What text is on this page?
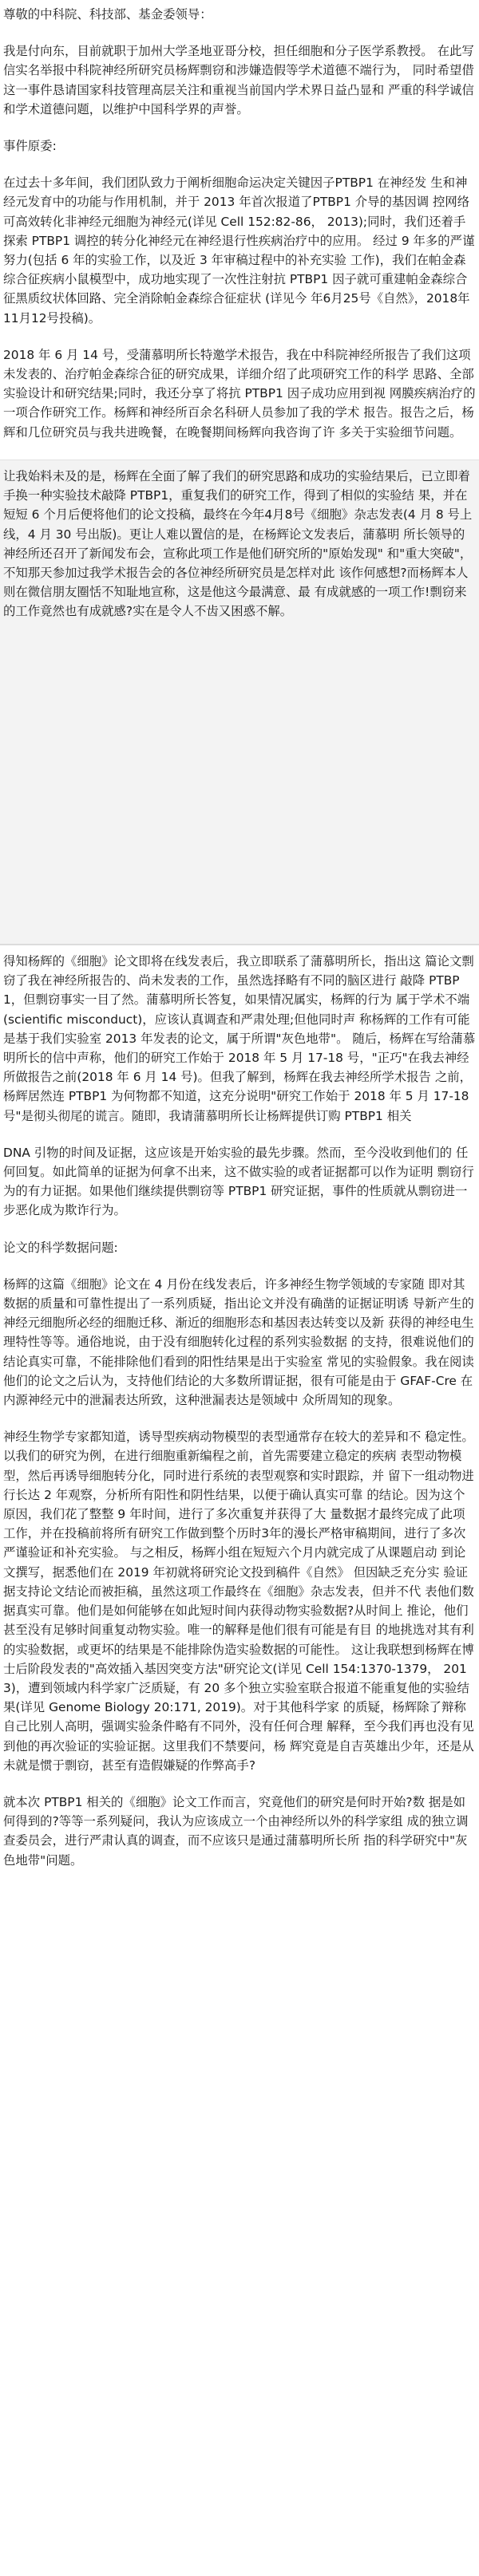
尊敬的中科院、科技部、基金委领导：

我是付向东，目前就职于加州大学圣地亚哥分校，担任细胞和分子医学系教授。 在此写信实名举报中科院神经所研究员杨辉剽窃和涉嫌造假等学术道德不端行为， 同时希望借这一事件恳请国家科技管理高层关注和重视当前国内学术界日益凸显和 严重的科学诚信和学术道德问题，以维护中国科学界的声誉。

事件原委:

在过去十多年间，我们团队致力于阐析细胞命运决定关键因子PTBP1 在神经发 生和神经元发育中的功能与作用机制，并于 2013 年首次报道了PTBP1 介导的基因调 控网络可高效转化非神经元细胞为神经元(详见 Cell 152:82-86， 2013);同时，我们还着手探索 PTBP1 调控的转分化神经元在神经退行性疾病治疗中的应用。 经过 9 年多的严谨努力(包括 6 年的实验工作，以及近 3 年审稿过程中的补充实验 工作)，我们在帕金森综合征疾病小鼠模型中，成功地实现了一次性注射抗 PTBP1 因子就可重建帕金森综合征黑质纹状体回路、完全消除帕金森综合征症状 (详见今 年6月25号《自然》，2018年11月12号投稿)。

2018 年 6 月 14 号，受蒲慕明所长特邀学术报告，我在中科院神经所报告了我们这项未发表的、治疗帕金森综合征的研究成果，详细介绍了此项研究工作的科学 思路、全部实验设计和研究结果;同时，我还分享了将抗 PTBP1 因子成功应用到视 网膜疾病治疗的一项合作研究工作。杨辉和神经所百余名科研人员参加了我的学术 报告。报告之后，杨辉和几位研究员与我共进晚餐，在晚餐期间杨辉向我咨询了许 多关于实验细节问题。

让我始料未及的是，杨辉在全面了解了我们的研究思路和成功的实验结果后，已立即着手换一种实验技术敲降 PTBP1，重复我们的研究工作，得到了相似的实验结 果，并在短短 6 个月后便将他们的论文投稿，最终在今年4月8号《细胞》杂志发表(4 月 8 号上线，4 月 30 号出版)。更让人难以置信的是，在杨辉论文发表后，蒲慕明 所长领导的神经所还召开了新闻发布会，宣称此项工作是他们研究所的"原始发现" 和"重大突破"，不知那天参加过我学术报告会的各位神经所研究员是怎样对此 该作何感想?而杨辉本人则在微信朋友圈恬不知耻地宣称，这是他这今最满意、最 有成就感的一项工作!剽窃来的工作竟然也有成就感?实在是令人不齿又困惑不解。

得知杨辉的《细胞》论文即将在线发表后，我立即联系了蒲慕明所长，指出这 篇论文剽窃了我在神经所报告的、尚未发表的工作，虽然选择略有不同的脑区进行 敲降 PTBP1，但剽窃事实一目了然。蒲慕明所长答复，如果情况属实，杨辉的行为 属于学术不端(scientific misconduct)，应该认真调查和严肃处理;但他同时声 称杨辉的工作有可能是基于我们实验室 2013 年发表的论文，属于所谓"灰色地带"。 随后，杨辉在写给蒲慕明所长的信中声称，他们的研究工作始于 2018 年 5 月 17-18 号，"正巧"在我去神经 所做报告之前(2018 年 6 月 14 号)。但我了解到，杨辉在我去神经所学术报告 之前，杨辉居然连 PTBP1 为何物都不知道，这充分说明"研究工作始于 2018 年 5 月 17-18 号"是彻头彻尾的谎言。随即，我请蒲慕明所长让杨辉提供订购 PTBP1 相关

DNA 引物的时间及证据，这应该是开始实验的最先步骤。然而，至今没收到他们的 任何回复。如此简单的证据为何拿不出来，这不做实验的或者证据都可以作为证明 剽窃行为的有力证据。如果他们继续提供剽窃等 PTBP1 研究证据，事件的性质就从剽窃进一步恶化成为欺诈行为。

论文的科学数据问题:

杨辉的这篇《细胞》论文在 4 月份在线发表后，许多神经生物学领域的专家随 即对其数据的质量和可靠性提出了一系列质疑，指出论文并没有确凿的证据证明诱 导新产生的神经元细胞所必经的细胞迁移、渐近的细胞形态和基因表达转变以及新 获得的神经电生理特性等等。通俗地说，由于没有细胞转化过程的系列实验数据 的支持，很难说他们的结论真实可靠，不能排除他们看到的阳性结果是出于实验室 常见的实验假象。我在阅读他们的论文之后认为，支持他们结论的大多数所谓证据，很有可能是由于 GFAF-Cre 在内源神经元中的泄漏表达所致，这种泄漏表达是领域中 众所周知的现象。

神经生物学专家都知道，诱导型疾病动物模型的表型通常存在较大的差异和不 稳定性。以我们的研究为例，在进行细胞重新编程之前，首先需要建立稳定的疾病 表型动物模型，然后再诱导细胞转分化，同时进行系统的表型观察和实时跟踪，并 留下一组动物进行长达 2 年观察，分析所有阳性和阴性结果，以便于确认真实可靠 的结论。因为这个原因，我们花了整整 9 年时间，进行了多次重复并获得了大 量数据才最终完成了此项工作，并在投稿前将所有研究工作做到整个历时3年的漫长严格审稿期间，进行了多次严谨验证和补充实验。 与之相反，杨辉小组在短短六个月内就完成了从课题启动 到论文撰写，据悉他们在 2019 年初就将研究论文投到稿件《自然》 但因缺乏充分实 验证据支持论文结论而被拒稿，虽然这项工作最终在《细胞》杂志发表，但并不代 表他们数据真实可靠。他们是如何能够在如此短时间内获得动物实验数据?从时间上 推论，他们甚至没有足够时间重复动物实验。唯一的解释是他们很有可能是有目 的地挑选对其有利的实验数据，或更坏的结果是不能排除伪造实验数据的可能性。 这让我联想到杨辉在博士后阶段发表的"高效插入基因突变方法"研究论文(详见 Cell 154:1370-1379， 2013)，遭到领域内科学家广泛质疑，有 20 多个独立实验室联合报道不能重复他的实验结果(详见 Genome Biology 20:171, 2019)。对于其他科学家 的质疑，杨辉除了辩称自己比别人高明，强调实验条件略有不同外，没有任何合理 解释，至今我们再也没有见到他的再次验证的实验证据。这里我们不禁要问，杨 辉究竟是自吉英雄出少年，还是从未就是惯于剽窃，甚至有造假嫌疑的作弊高手?

就本次 PTBP1 相关的《细胞》论文工作而言，究竟他们的研究是何时开始?数 据是如何得到的?等等一系列疑问，我认为应该成立一个由神经所以外的科学家组 成的独立调查委员会，进行严肃认真的调查，而不应该只是通过蒲慕明所长所 指的科学研究中"灰色地带"问题。
